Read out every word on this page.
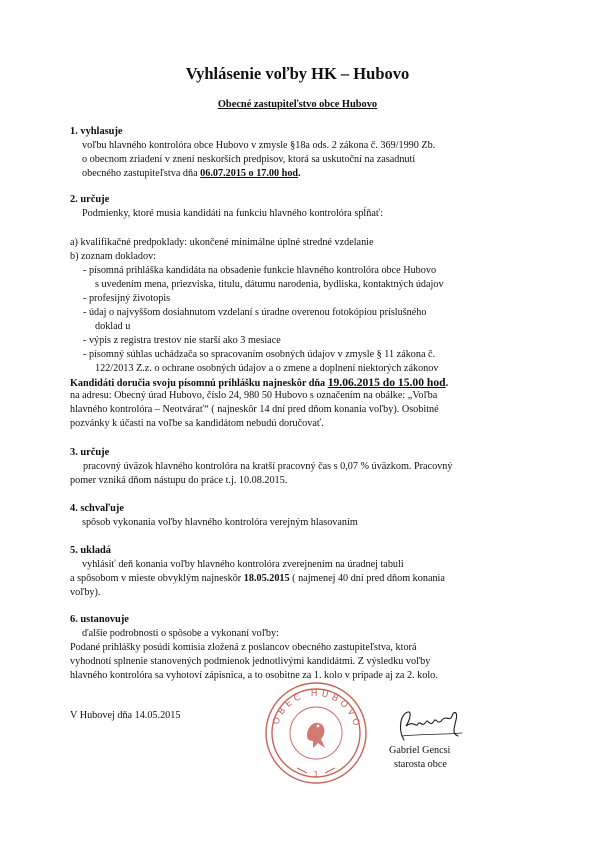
Vyhlásenie voľby HK – Hubovo
Obecné zastupiteľstvo obce Hubovo
1. vyhlasuje
voľbu hlavného kontrolóra obce Hubovo v zmysle §18a ods. 2 zákona č. 369/1990 Zb.
o obecnom zriadení v znení neskorších predpisov, ktorá sa uskutoční na zasadnutí
obecného zastupiteľstva dňa 06.07.2015 o 17.00 hod.
2. určuje
Podmienky, ktoré musia kandidáti na funkciu hlavného kontrolóra spĺňať:
a) kvalifikačné predpoklady: ukončené minimálne úplné stredné vzdelanie
b) zoznam dokladov:
- písomná prihláška kandidáta na obsadenie funkcie hlavného kontrolóra obce Hubovo
s uvedením mena, priezviska, titulu, dátumu narodenia, bydliska, kontaktných údajov
- profesijný životopis
- údaj o najvyššom dosiahnutom vzdelaní s úradne overenou fotokópiou príslušného
doklad u
- výpis z registra trestov nie starší ako 3 mesiace
- písomný súhlas uchádzača so spracovaním osobných údajov v zmysle § 11 zákona č.
122/2013 Z.z. o ochrane osobných údajov a o zmene a doplnení niektorých zákonov
Kandidáti doručia svoju písomnú prihlášku najneskôr dňa 19.06.2015 do 15.00 hod.
na adresu: Obecný úrad Hubovo, číslo 24, 980 50 Hubovo s označením na obálke: „Voľba
hlavného kontrolóra – Neotvárať“ ( najneskôr 14 dní pred dňom konania voľby). Osobitné
pozvánky k účasti na voľbe sa kandidátom nebudú doručovať.
3. určuje
pracovný úväzok hlavného kontrolóra na kratší pracovný čas s 0,07 % úväzkom. Pracovný
pomer vzniká dňom nástupu do práce t.j. 10.08.2015.
4. schvaľuje
spôsob vykonania voľby hlavného kontrolóra verejným hlasovaním
5. ukladá
vyhlásiť deň konania voľby hlavného kontrolóra zverejnením na úradnej tabuli
a spôsobom v mieste obvyklým najneskôr 18.05.2015 ( najmenej 40 dní pred dňom konania
voľby).
6. ustanovuje
ďalšie podrobnosti o spôsobe a vykonaní voľby:
Podané prihlášky posúdi komisia zložená z poslancov obecného zastupiteľstva, ktorá
vyhodnotí splnenie stanovených podmienok jednotlivými kandidátmi. Z výsledku voľby
hlavného kontrolóra sa vyhotoví zápisnica, a to osobitne za 1. kolo v prípade aj za 2. kolo.
V Hubovej dňa 14.05.2015	OBEC HUBOVO
1
Gabriel Gencsi
starosta obce
